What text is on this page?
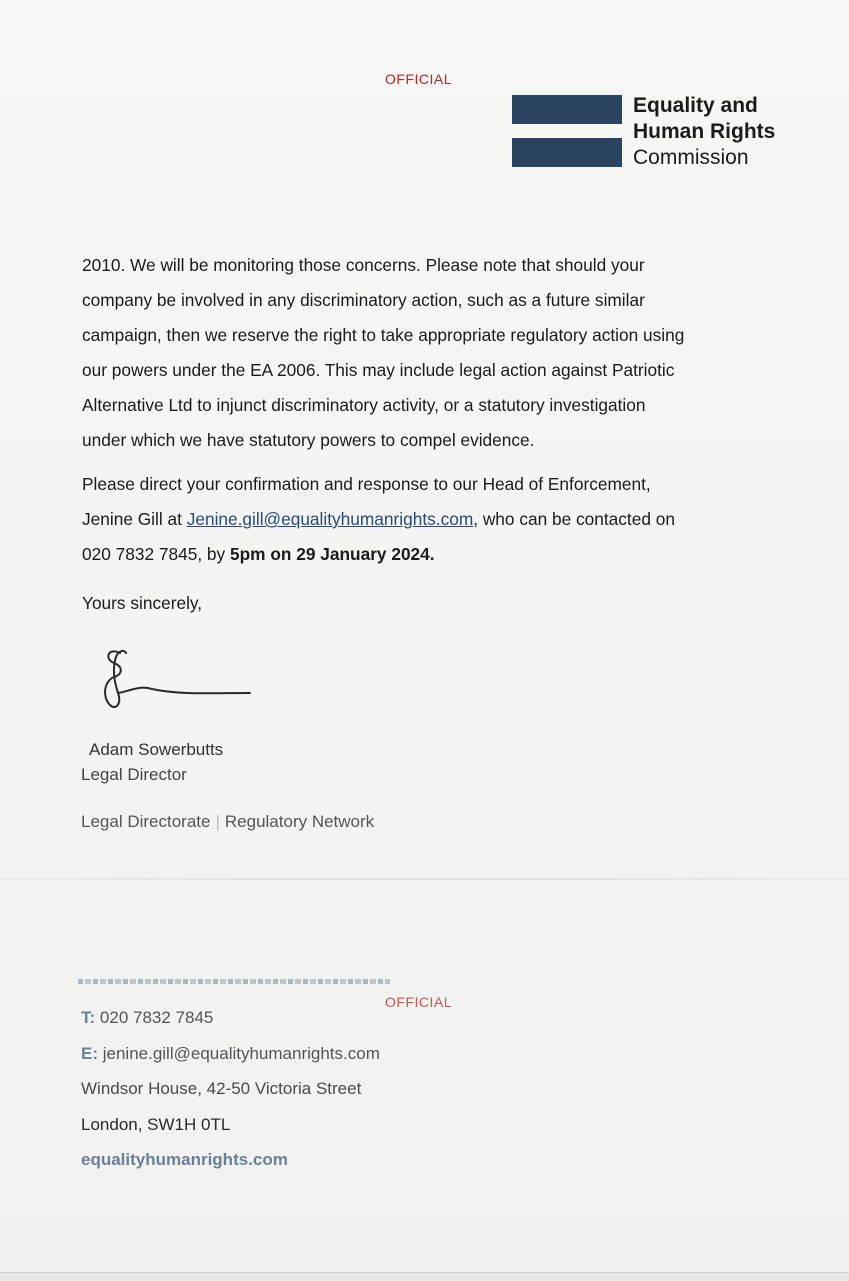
OFFICIAL
Equality and
Human Rights
Commission
2010. We will be monitoring those concerns. Please note that should your
company be involved in any discriminatory action, such as a future similar
campaign, then we reserve the right to take appropriate regulatory action using
our powers under the EA 2006. This may include legal action against Patriotic
Alternative Ltd to injunct discriminatory activity, or a statutory investigation
under which we have statutory powers to compel evidence.
Please direct your confirmation and response to our Head of Enforcement,
Jenine Gill at Jenine.gill@equalityhumanrights.com, who can be contacted on
020 7832 7845, by 5pm on 29 January 2024.
Yours sincerely,
Adam Sowerbutts
Legal Director
Legal Directorate | Regulatory Network
OFFICIAL
T: 020 7832 7845
E: jenine.gill@equalityhumanrights.com
Windsor House, 42-50 Victoria Street
London, SW1H 0TL
equalityhumanrights.com
